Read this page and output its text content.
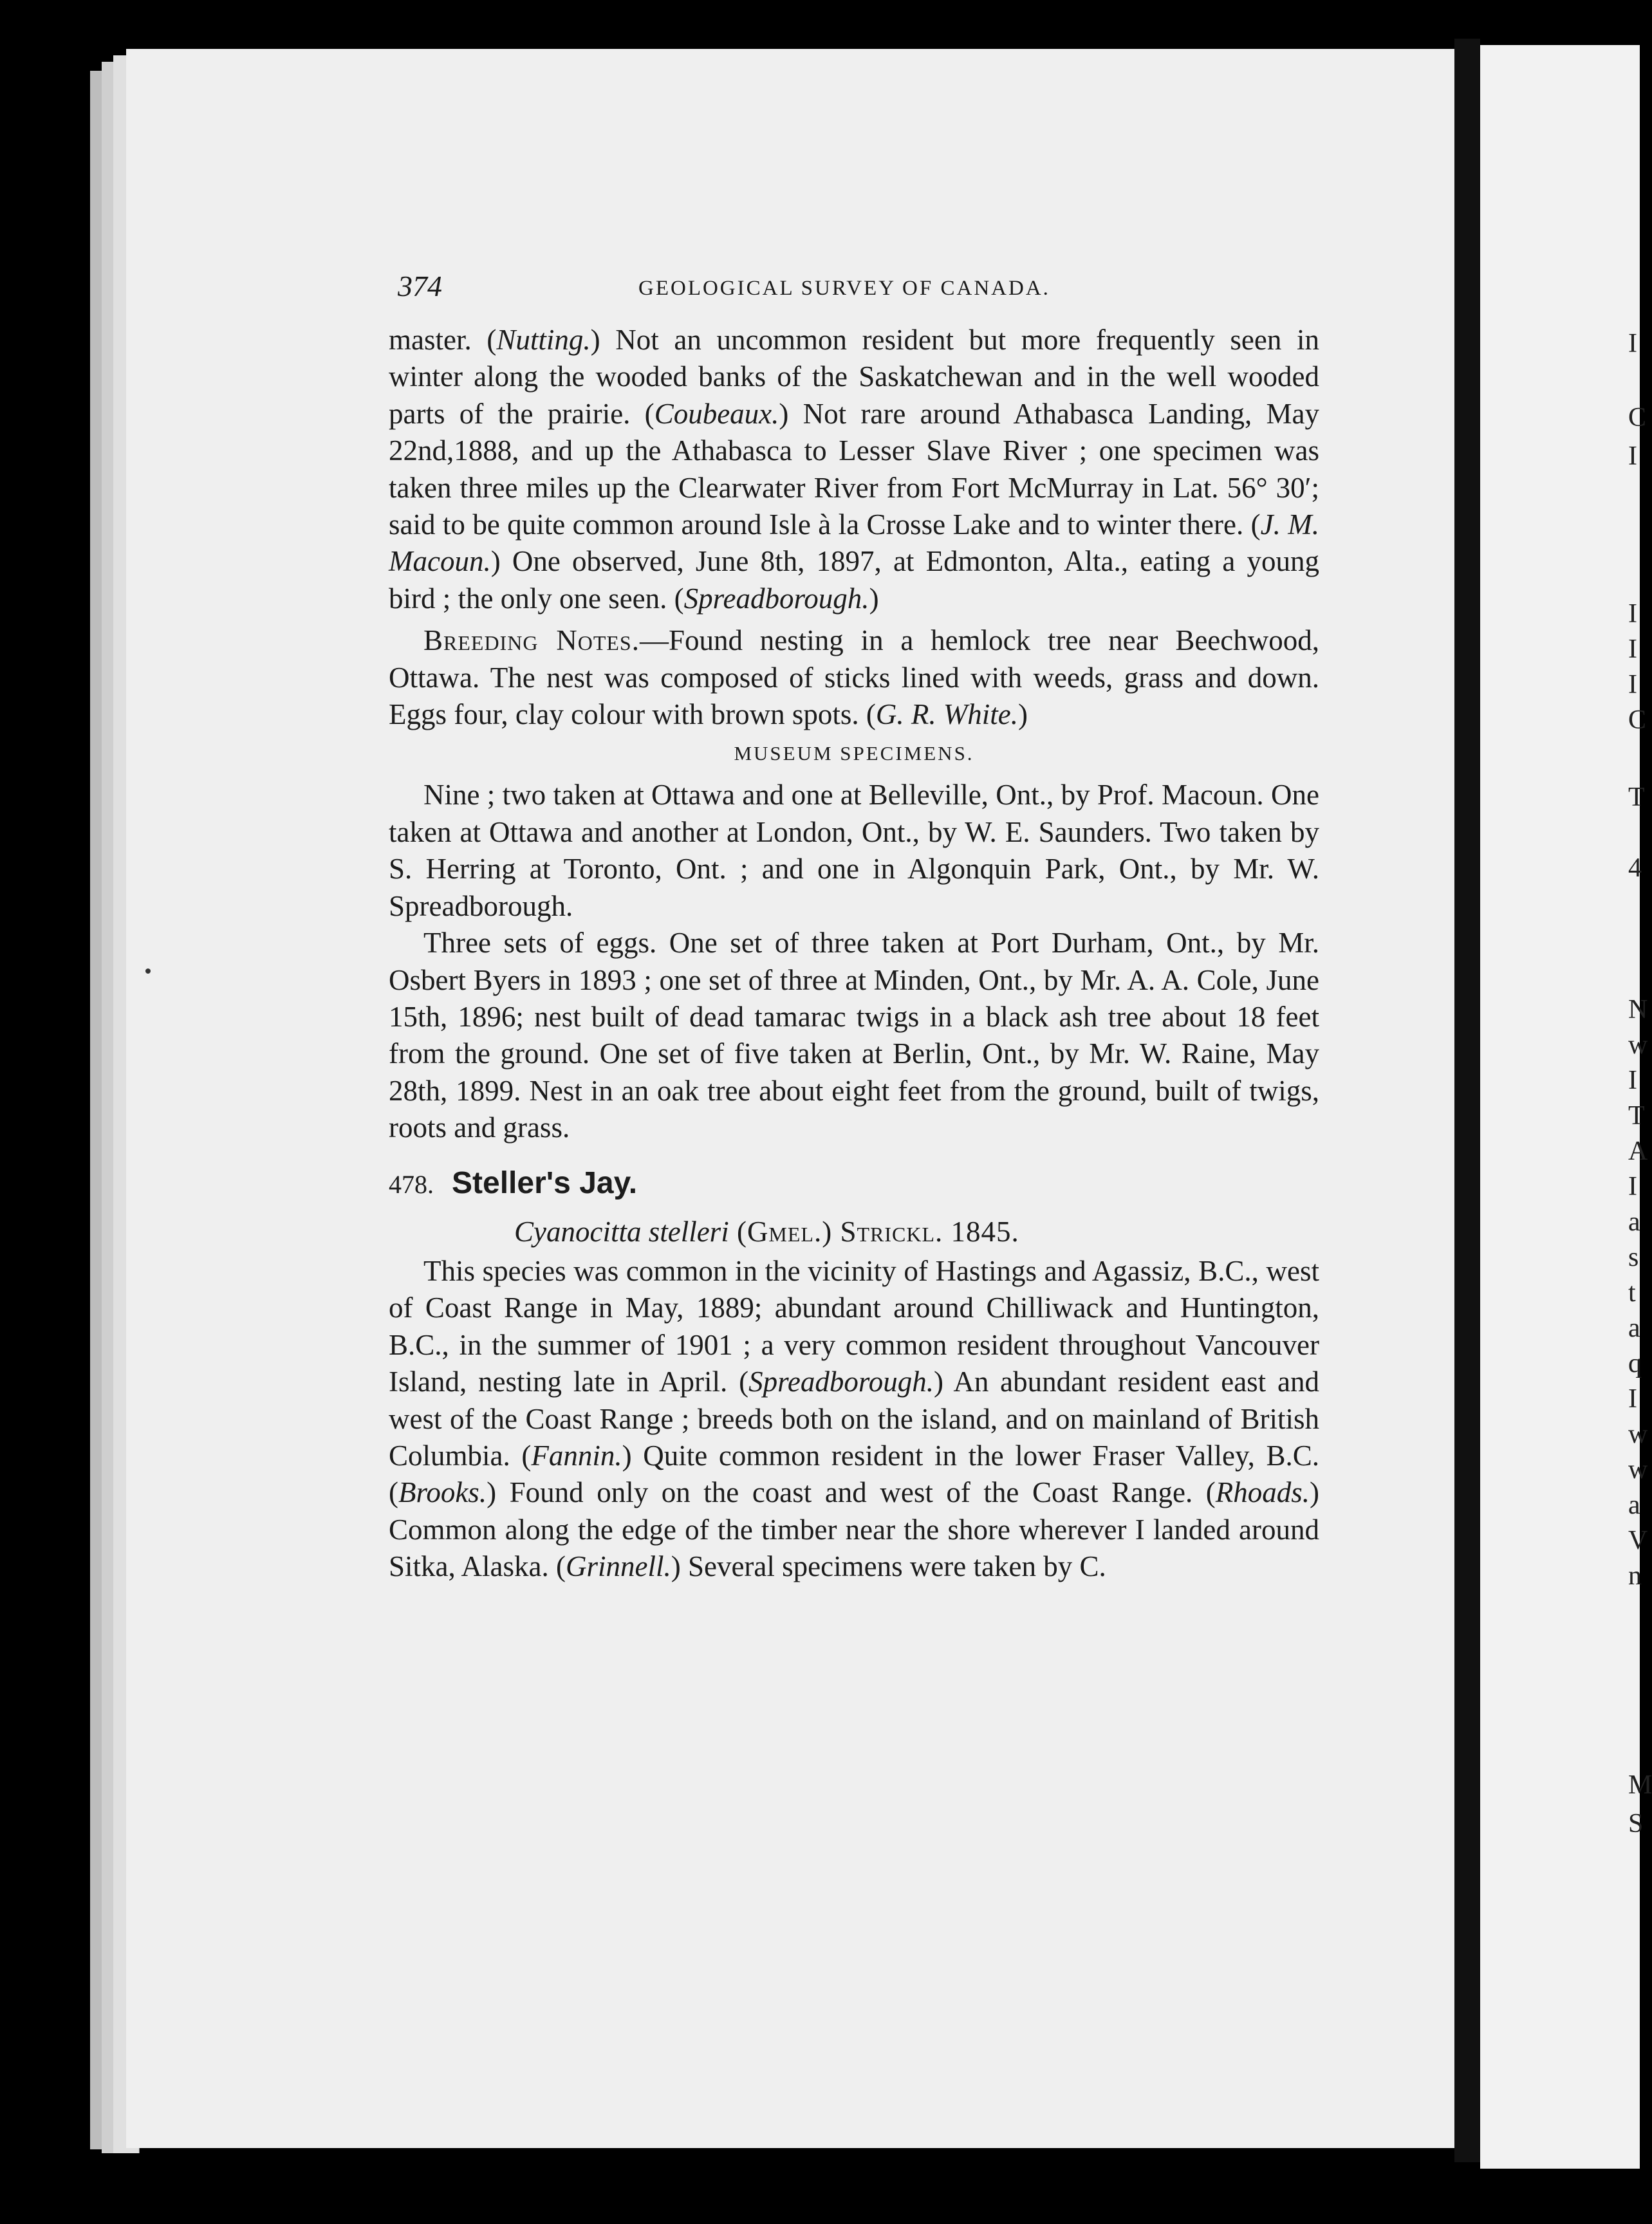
374	GEOLOGICAL SURVEY OF CANADA.

master. (Nutting.) Not an uncommon resident but more frequently seen in winter along the wooded banks of the Saskatchewan and in the well wooded parts of the prairie. (Coubeaux.) Not rare around Athabasca Landing, May 22nd,1888, and up the Athabasca to Lesser Slave River ; one specimen was taken three miles up the Clearwater River from Fort McMurray in Lat. 56° 30′; said to be quite common around Isle à la Crosse Lake and to winter there. (J. M. Macoun.) One observed, June 8th, 1897, at Edmonton, Alta., eating a young bird ; the only one seen. (Spreadborough.)

Breeding Notes.—Found nesting in a hemlock tree near Beechwood, Ottawa. The nest was composed of sticks lined with weeds, grass and down. Eggs four, clay colour with brown spots. (G. R. White.)

MUSEUM SPECIMENS.

Nine ; two taken at Ottawa and one at Belleville, Ont., by Prof. Macoun. One taken at Ottawa and another at London, Ont., by W. E. Saunders. Two taken by S. Herring at Toronto, Ont. ; and one in Algonquin Park, Ont., by Mr. W. Spreadborough.

Three sets of eggs. One set of three taken at Port Durham, Ont., by Mr. Osbert Byers in 1893 ; one set of three at Minden, Ont., by Mr. A. A. Cole, June 15th, 1896; nest built of dead tamarac twigs in a black ash tree about 18 feet from the ground. One set of five taken at Berlin, Ont., by Mr. W. Raine, May 28th, 1899. Nest in an oak tree about eight feet from the ground, built of twigs, roots and grass.

478. Steller's Jay.

Cyanocitta stelleri (Gmel.) Strickl. 1845.

This species was common in the vicinity of Hastings and Agassiz, B.C., west of Coast Range in May, 1889; abundant around Chilliwack and Huntington, B.C., in the summer of 1901 ; a very common resident throughout Vancouver Island, nesting late in April. (Spreadborough.) An abundant resident east and west of the Coast Range ; breeds both on the island, and on mainland of British Columbia. (Fannin.) Quite common resident in the lower Fraser Valley, B.C. (Brooks.) Found only on the coast and west of the Coast Range. (Rhoads.) Common along the edge of the timber near the shore wherever I landed around Sitka, Alaska. (Grinnell.) Several specimens were taken by C.

I
C
I
I
I
I
C
T
4
N
w
I
T
A
I
a
s
t
a
q
I
w
w
a
V
n
M
S
